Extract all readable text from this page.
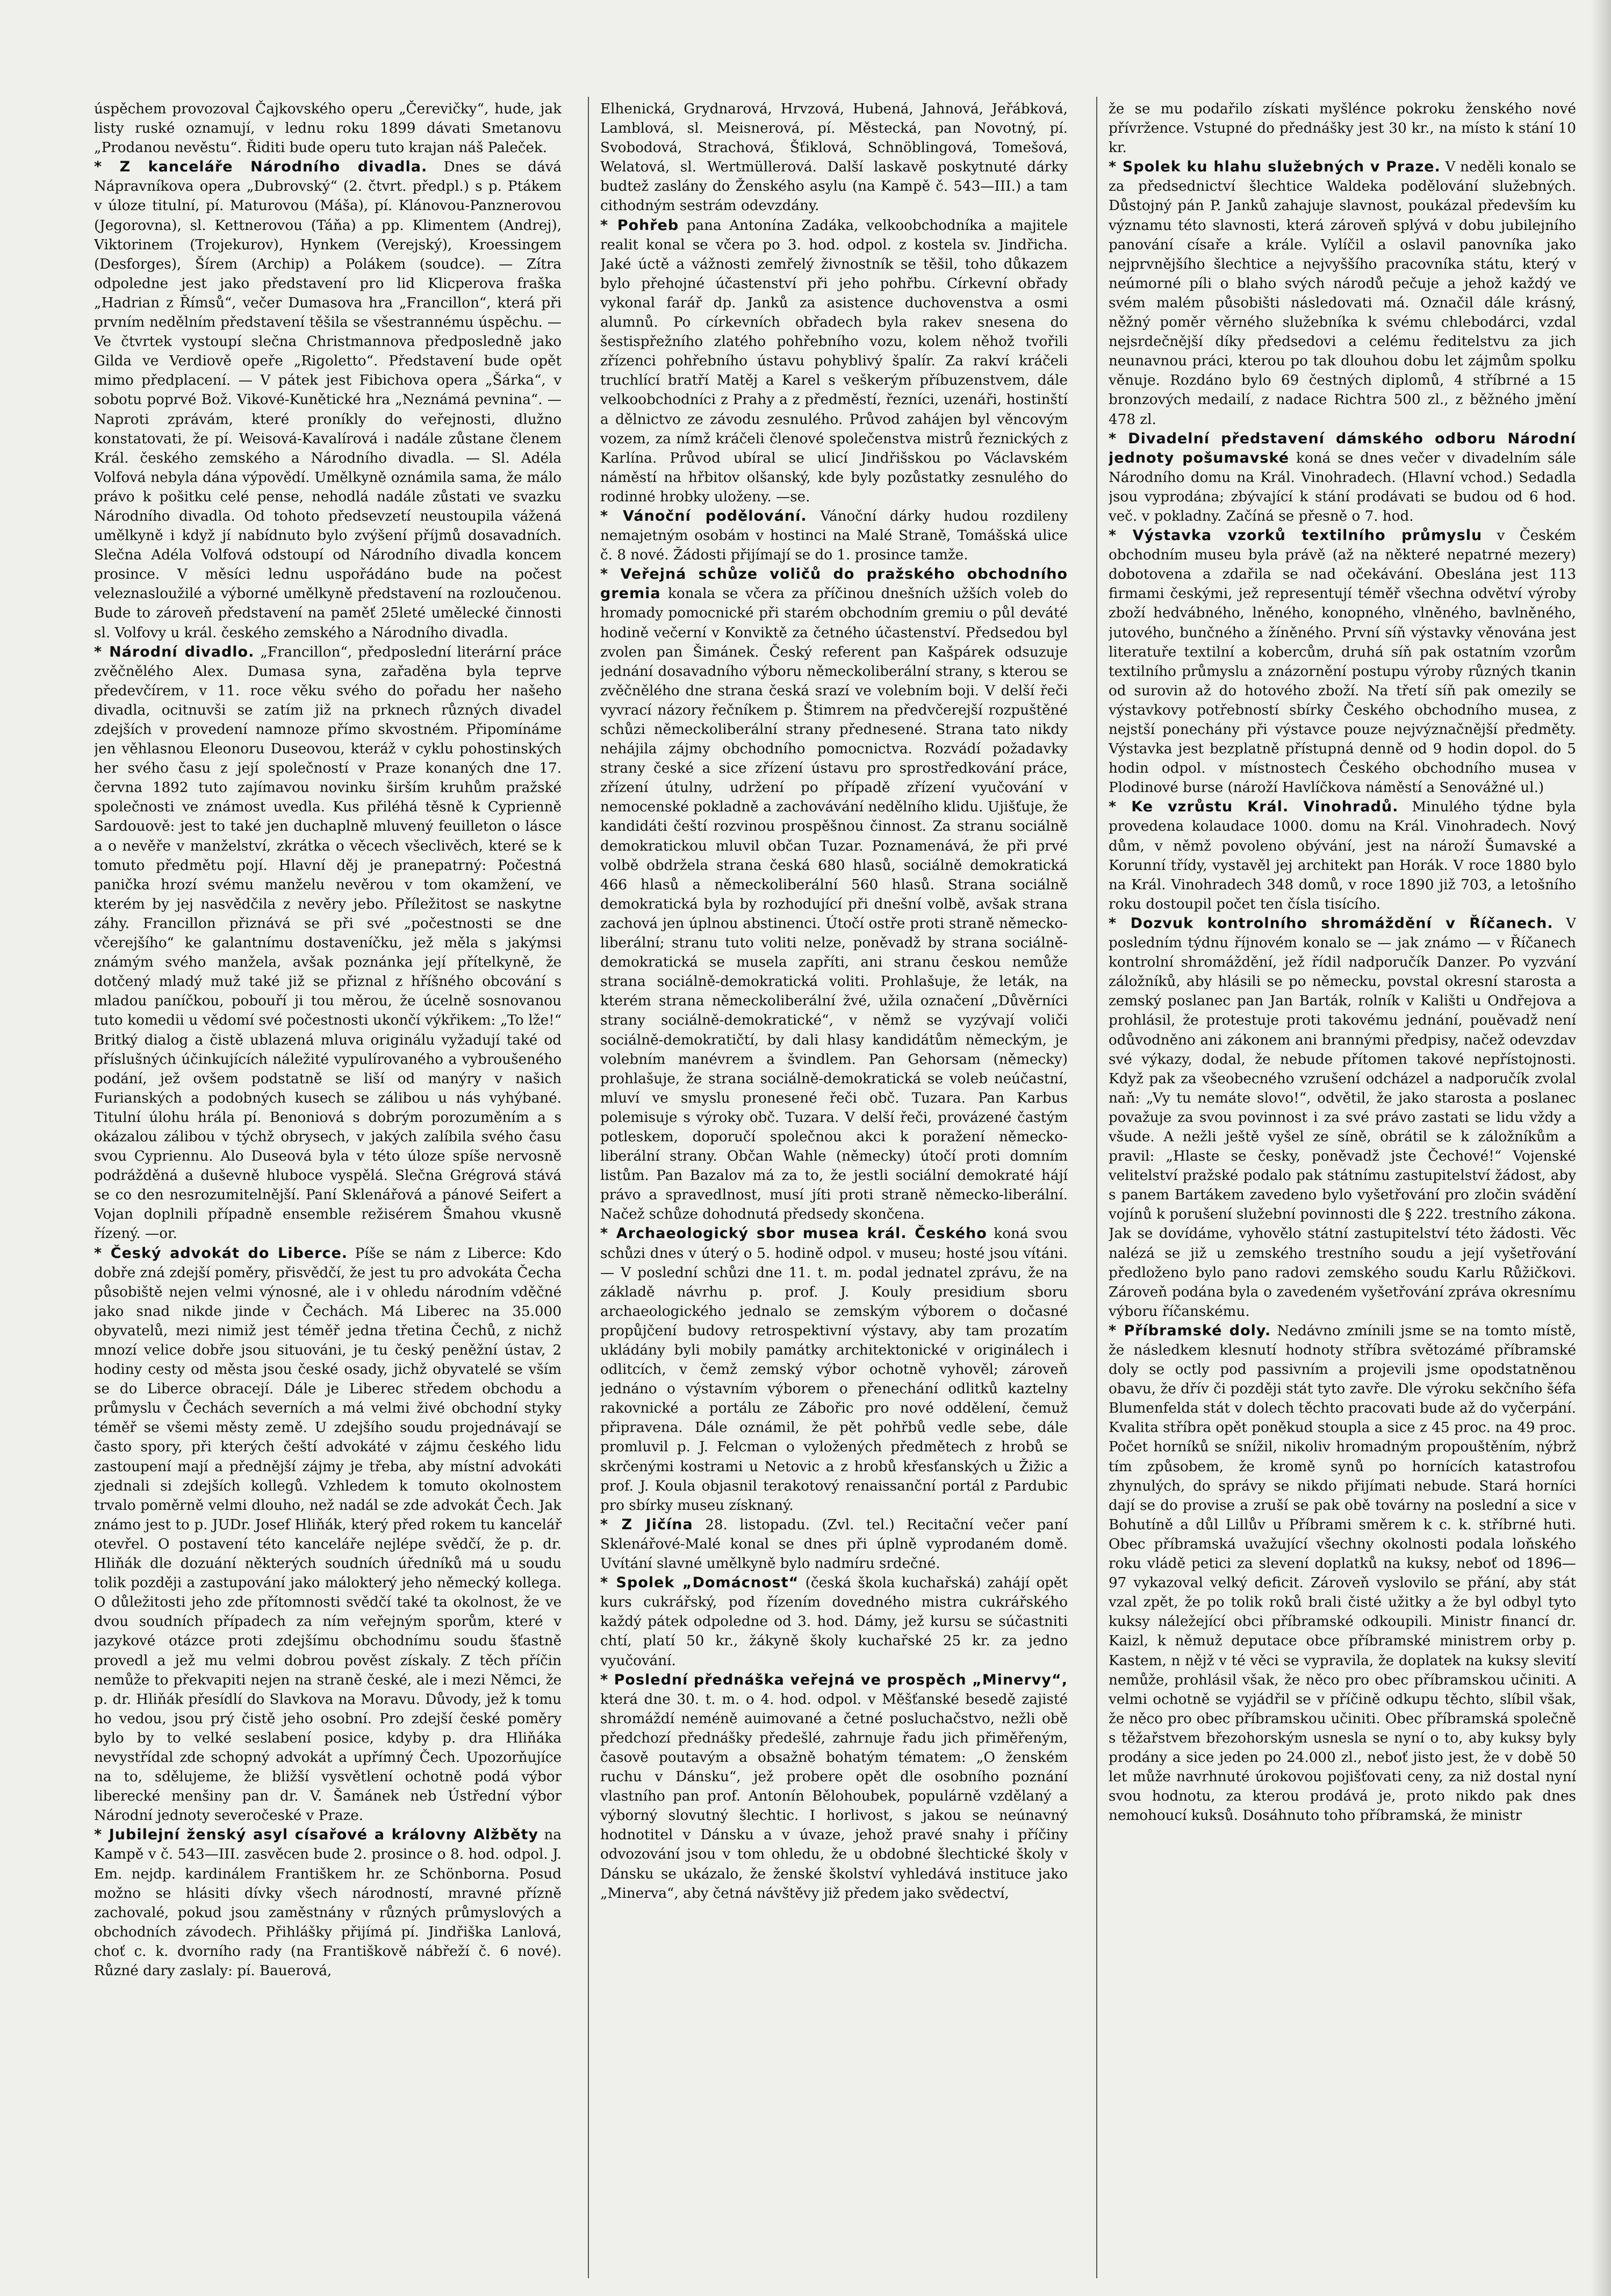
úspěchem provozoval Čajkovského operu „Čerevičky“, hude, jak listy ruské oznamují, v lednu roku 1899 dávati Smetanovu „Prodanou nevěstu“. Řiditi bude operu tuto krajan náš Paleček.

* Z kanceláře Národního divadla. Dnes se dává Nápravníkova opera „Dubrovský“ (2. čtvrt. předpl.) s p. Ptákem v úloze titulní, pí. Maturovou (Máša), pí. Klánovou-Panznerovou (Jegorovna), sl. Kettnerovou (Táňa) a pp. Klimentem (Andrej), Viktorinem (Trojekurov), Hynkem (Verejský), Kroessingem (Desforges), Šírem (Archip) a Polákem (soudce). — Zítra odpoledne jest jako představení pro lid Klicperova fraška „Hadrian z Římsů“, večer Dumasova hra „Francillon“, která při prvním nedělním představení těšila se všestrannému úspěchu. — Ve čtvrtek vystoupí slečna Christmannova předposledně jako Gilda ve Verdiově opeře „Rigoletto“. Představení bude opět mimo předplacení. — V pátek jest Fibichova opera „Šárka“, v sobotu poprvé Bož. Vikové-Kunětické hra „Neznámá pevnina“. — Naproti zprávám, které proníkly do veřejnosti, dlužno konstatovati, že pí. Weisová-Kavalírová i nadále zůstane členem Král. českého zemského a Národního divadla. — Sl. Adéla Volfová nebyla dána výpovědí. Umělkyně oznámila sama, že málo právo k pošitku celé pense, nehodlá nadále zůstati ve svazku Národního divadla. Od tohoto předsevzetí neustoupila vážená umělkyně i když jí nabídnuto bylo zvýšení příjmů dosavadních. Slečna Adéla Volfová odstoupí od Národního divadla koncem prosince. V měsíci lednu uspořádáno bude na počest veleznasloužilé a výborné umělkyně představení na rozloučenou. Bude to zároveň představení na paměť 25leté umělecké činnosti sl. Volfovy u král. českého zemského a Národního divadla.

* Národní divadlo. „Francillon“, předposlední literární práce zvěčnělého Alex. Dumasa syna, zařaděna byla teprve předevčírem, v 11. roce věku svého do pořadu her našeho divadla, ocitnuvši se zatím již na prknech různých divadel zdejších v provedení namnoze přímo skvostném. Připomínáme jen věhlasnou Eleonoru Duseovou, kteráž v cyklu pohostinských her svého času z její společností v Praze konaných dne 17. června 1892 tuto zajímavou novinku širším kruhům pražské společnosti ve známost uvedla. Kus přiléhá těsně k Cyprienně Sardouově: jest to také jen duchaplně mluvený feuilleton o lásce a o nevěře v manželství, zkrátka o věcech všeclivěch, které se k tomuto předmětu pojí. Hlavní děj je pranepatrný: Počestná panička hrozí svému manželu nevěrou v tom okamžení, ve kterém by jej nasvědčila z nevěry jebo. Příležitost se naskytne záhy. Francillon přiznává se při své „počestnosti se dne včerejšího“ ke galantnímu dostaveníčku, jež měla s jakýmsi známým svého manžela, avšak poznánka její přítelkyně, že dotčený mladý muž také již se přiznal z hříšného obcování s mladou paníčkou, pobouří ji tou měrou, že úcelně sosnovanou tuto komedii u vědomí své počestnosti ukončí výkřikem: „To lže!“ Britký dialog a čistě ublazená mluva originálu vyžadují také od příslušných účinkujících náležité vypulírovaného a vybroušeného podání, jež ovšem podstatně se liší od manýry v našich Furianských a podobných kusech se zálibou u nás vyhýbané. Titulní úlohu hrála pí. Benoniová s dobrým porozuměním a s okázalou zálibou v týchž obrysech, v jakých zalíbila svého času svou Cypriennu. Alo Duseová byla v této úloze spíše nervosně podrážděná a duševně hluboce vyspělá. Slečna Grégrová stává se co den nesrozumitelnější. Paní Sklenářová a pánové Seifert a Vojan doplnili případně ensemble režisérem Šmahou vkusně řízený. —or.

* Český advokát do Liberce. Píše se nám z Liberce: Kdo dobře zná zdejší poměry, přisvědčí, že jest tu pro advokáta Čecha působiště nejen velmi výnosné, ale i v ohledu národním vděčné jako snad nikde jinde v Čechách. Má Liberec na 35.000 obyvatelů, mezi nimiž jest téměř jedna třetina Čechů, z nichž mnozí velice dobře jsou situováni, je tu český peněžní ústav, 2 hodiny cesty od města jsou české osady, jichž obyvatelé se vším se do Liberce obracejí. Dále je Liberec středem obchodu a průmyslu v Čechách severních a má velmi živé obchodní styky téměř se všemi městy země. U zdejšího soudu projednávají se často spory, při kterých čeští advokáté v zájmu českého lidu zastoupení mají a přednější zájmy je třeba, aby místní advokáti zjednali si zdejších kollegů. Vzhledem k tomuto okolnostem trvalo poměrně velmi dlouho, než nadál se zde advokát Čech. Jak známo jest to p. JUDr. Josef Hliňák, který před rokem tu kancelář otevřel. O postavení této kanceláře nejlépe svědčí, že p. dr. Hliňák dle dozuání některých soudních úředníků má u soudu tolik později a zastupování jako málokterý jeho německý kollega. O důležitosti jeho zde přítomnosti svědčí také ta okolnost, že ve dvou soudních případech za ním veřejným sporům, které v jazykové otázce proti zdejšímu obchodnímu soudu šťastně provedl a jež mu velmi dobrou pověst získaly. Z těch příčin nemůže to překvapiti nejen na straně české, ale i mezi Němci, že p. dr. Hliňák přesídlí do Slavkova na Moravu. Důvody, jež k tomu ho vedou, jsou prý čistě jeho osobní. Pro zdejší české poměry bylo by to velké seslabení posice, kdyby p. dra Hliňáka nevystřídal zde schopný advokát a upřímný Čech. Upozorňujíce na to, sdělujeme, že bližší vysvětlení ochotně podá výbor liberecké menšiny pan dr. V. Šamánek neb Ústřední výbor Národní jednoty severočeské v Praze.

* Jubilejní ženský asyl císařové a královny Alžběty na Kampě v č. 543—III. zasvěcen bude 2. prosince o 8. hod. odpol. J. Em. nejdp. kardinálem Františkem hr. ze Schönborna. Posud možno se hlásiti dívky všech národností, mravné přízně zachovalé, pokud jsou zaměstnány v různých průmyslových a obchodních závodech. Přihlášky přijímá pí. Jindřiška Lanlová, choť c. k. dvorního rady (na Františkově nábřeží č. 6 nové). Různé dary zaslaly: pí. Bauerová,

Elhenická, Grydnarová, Hrvzová, Hubená, Jahnová, Jeřábková, Lamblová, sl. Meisnerová, pí. Městecká, pan Novotný, pí. Svobodová, Strachová, Šťiklová, Schnöblingová, Tomešová, Welatová, sl. Wertmüllerová. Další laskavě poskytnuté dárky budtež zaslány do Ženského asylu (na Kampě č. 543—III.) a tam cithodným sestrám odevzdány.

* Pohřeb pana Antonína Zadáka, velkoobchodníka a majitele realit konal se včera po 3. hod. odpol. z kostela sv. Jindřicha. Jaké úctě a vážnosti zemřelý živnostník se těšil, toho důkazem bylo přehojné účastenství při jeho pohřbu. Církevní obřady vykonal farář dp. Janků za asistence duchovenstva a osmi alumnů. Po církevních obřadech byla rakev snesena do šestispřežního zlatého pohřebního vozu, kolem něhož tvořili zřízenci pohřebního ústavu pohyblivý špalír. Za rakví kráčeli truchlící bratří Matěj a Karel s veškerým příbuzenstvem, dále velkoobchodníci z Prahy a z předměstí, řezníci, uzenáři, hostinští a dělnictvo ze závodu zesnulého. Průvod zahájen byl věncovým vozem, za nímž kráčeli členové společenstva mistrů řeznických z Karlína. Průvod ubíral se ulicí Jindřišskou po Václavském náměstí na hřbitov olšanský, kde byly pozůstatky zesnulého do rodinné hrobky uloženy. —se.

* Vánoční podělování. Vánoční dárky hudou rozdileny nemajetným osobám v hostinci na Malé Straně, Tomášská ulice č. 8 nové. Žádosti přijímají se do 1. prosince tamže.

* Veřejná schůze voličů do pražského obchodního gremia konala se včera za příčinou dnešních užších voleb do hromady pomocnické při starém obchodním gremiu o půl deváté hodině večerní v Konviktě za četného účastenství. Předsedou byl zvolen pan Šimánek. Český referent pan Kašpárek odsuzuje jednání dosavadního výboru německoliberální strany, s kterou se zvěčnělého dne strana česká srazí ve volebním boji. V delší řeči vyvrací názory řečníkem p. Štimrem na předvčerejší rozpuštěné schůzi německoliberální strany přednesené. Strana tato nikdy nehájila zájmy obchodního pomocnictva. Rozvádí požadavky strany české a sice zřízení ústavu pro sprostředkování práce, zřízení útulny, udržení po případě zřízení vyučování v nemocenské pokladně a zachovávání nedělního klidu. Ujišťuje, že kandidáti čeští rozvinou prospěšnou činnost. Za stranu sociálně demokratickou mluvil občan Tuzar. Poznamenává, že při prvé volbě obdržela strana česká 680 hlasů, sociálně demokratická 466 hlasů a německoliberální 560 hlasů. Strana sociálně demokratická byla by rozhodující při dnešní volbě, avšak strana zachová jen úplnou abstinenci. Útočí ostře proti straně německo-liberální; stranu tuto voliti nelze, poněvadž by strana sociálně-demokratická se musela zapříti, ani stranu českou nemůže strana sociálně-demokratická voliti. Prohlašuje, že leták, na kterém strana německoliberální žvé, užila označení „Důvěrníci strany sociálně-demokratické“, v němž se vyzývají voliči sociálně-demokratičtí, by dali hlasy kandidátům německým, je volebním manévrem a švindlem. Pan Gehorsam (německy) prohlašuje, že strana sociálně-demokratická se voleb neúčastní, mluví ve smyslu pronesené řeči obč. Tuzara. Pan Karbus polemisuje s výroky obč. Tuzara. V delší řeči, provázené častým potleskem, doporučí společnou akci k poražení německo-liberální strany. Občan Wahle (německy) útočí proti domním listům. Pan Bazalov má za to, že jestli sociální demokraté hájí právo a spravedlnost, musí jíti proti straně německo-liberální. Načež schůze dohodnutá předsedy skončena.

* Archaeologický sbor musea král. Českého koná svou schůzi dnes v úterý o 5. hodině odpol. v museu; hosté jsou vítáni. — V poslední schůzi dne 11. t. m. podal jednatel zprávu, že na základě návrhu p. prof. J. Kouly presidium sboru archaeologického jednalo se zemským výborem o dočasné propůjčení budovy retrospektivní výstavy, aby tam prozatím ukládány byli mobily památky architektonické v originálech i odlitcích, v čemž zemský výbor ochotně vyhověl; zároveň jednáno o výstavním výborem o přenechání odlitků kaztelny rakovnické a portálu ze Zábořic pro nové oddělení, čemuž připravena. Dále oznámil, že pět pohřbů vedle sebe, dále promluvil p. J. Felcman o vyložených předmětech z hrobů se skrčenými kostrami u Netovic a z hrobů křesťanských u Žižic a prof. J. Koula objasnil terakotový renaissanční portál z Pardubic pro sbírky museu získnaný.

* Z Jičína 28. listopadu. (Zvl. tel.) Recitační večer paní Sklenářové-Malé konal se dnes při úplně vyprodaném domě. Uvítání slavné umělkyně bylo nadmíru srdečné.

* Spolek „Domácnost“ (česká škola kuchařská) zahájí opět kurs cukrářský, pod řízením dovedného mistra cukrářského každý pátek odpoledne od 3. hod. Dámy, jež kursu se súčastniti chtí, platí 50 kr., žákyně školy kuchařské 25 kr. za jedno vyučování.

* Poslední přednáška veřejná ve prospěch „Minervy“, která dne 30. t. m. o 4. hod. odpol. v Měšťanské besedě zajisté shromáždí neméně auimované a četné posluchačstvo, nežli obě předchozí přednášky předešlé, zahrnuje řadu jich přiměřeným, časově poutavým a obsažně bohatým tématem: „O ženském ruchu v Dánsku“, jež probere opět dle osobního poznání vlastního pan prof. Antonín Bělohoubek, populárně vzdělaný a výborný slovutný šlechtic. I horlivost, s jakou se neúnavný hodnotitel v Dánsku a v úvaze, jehož pravé snahy i příčiny odvozování jsou v tom ohledu, že u obdobné šlechtické školy v Dánsku se ukázalo, že ženské školství vyhledává instituce jako „Minerva“, aby četná návštěvy již předem jako svědectví,

že se mu podařilo získati myšlénce pokroku ženského nové přívržence. Vstupné do přednášky jest 30 kr., na místo k stání 10 kr.

* Spolek ku hlahu služebných v Praze. V neděli konalo se za předsednictví šlechtice Waldeka podělování služebných. Důstojný pán P. Janků zahajuje slavnost, poukázal především ku významu této slavnosti, která zároveň splývá v dobu jubilejního panování císaře a krále. Vylíčil a oslavil panovníka jako nejprvnějšího šlechtice a nejvyššího pracovníka státu, který v neúmorné píli o blaho svých národů pečuje a jehož každý ve svém malém působišti následovati má. Označil dále krásný, něžný poměr věrného služebníka k svému chlebodárci, vzdal nejsrdečnější díky předsedovi a celému ředitelstvu za jich neunavnou práci, kterou po tak dlouhou dobu let zájmům spolku věnuje. Rozdáno bylo 69 čestných diplomů, 4 stříbrné a 15 bronzových medailí, z nadace Richtra 500 zl., z běžného jmění 478 zl.

* Divadelní představení dámského odboru Národní jednoty pošumavské koná se dnes večer v divadelním sále Národního domu na Král. Vinohradech. (Hlavní vchod.) Sedadla jsou vyprodána; zbývající k stání prodávati se budou od 6 hod. več. v pokladny. Začíná se přesně o 7. hod.

* Výstavka vzorků textilního průmyslu v Českém obchodním museu byla právě (až na některé nepatrné mezery) dobotovena a zdařila se nad očekávání. Obeslána jest 113 firmami českými, jež representují téměř všechna odvětví výroby zboží hedvábného, lněného, konopného, vlněného, bavlněného, jutového, bunčného a žíněného. První síň výstavky věnována jest literatuře textilní a kobercům, druhá síň pak ostatním vzorům textilního průmyslu a znázornění postupu výroby různých tkanin od surovin až do hotového zboží. Na třetí síň pak omezily se výstavkovy potřebností sbírky Českého obchodního musea, z nejstší ponechány při výstavce pouze nejvýznačnější předměty. Výstavka jest bezplatně přístupná denně od 9 hodin dopol. do 5 hodin odpol. v místnostech Českého obchodního musea v Plodinové burse (nároží Havlíčkova náměstí a Senovážné ul.)

* Ke vzrůstu Král. Vinohradů. Minulého týdne byla provedena kolaudace 1000. domu na Král. Vinohradech. Nový dům, v němž povoleno obývání, jest na nároží Šumavské a Korunní třídy, vystavěl jej architekt pan Horák. V roce 1880 bylo na Král. Vinohradech 348 domů, v roce 1890 již 703, a letošního roku dostoupil počet ten čísla tisícího.

* Dozvuk kontrolního shromáždění v Říčanech. V posledním týdnu říjnovém konalo se — jak známo — v Říčanech kontrolní shromáždění, jež řídil nadporučík Danzer. Po vyzvání záložníků, aby hlásili se po německu, povstal okresní starosta a zemský poslanec pan Jan Barták, rolník v Kališti u Ondřejova a prohlásil, že protestuje proti takovému jednání, pouěvadž není odůvodněno ani zákonem ani brannými předpisy, načež odevzdav své výkazy, dodal, že nebude přítomen takové nepřístojnosti. Když pak za všeobecného vzrušení odcházel a nadporučík zvolal naň: „Vy tu nemáte slovo!“, odvětil, že jako starosta a poslanec považuje za svou povinnost i za své právo zastati se lidu vždy a všude. A nežli ještě vyšel ze síně, obrátil se k záložníkům a pravil: „Hlaste se česky, poněvadž jste Čechové!“ Vojenské velitelství pražské podalo pak státnímu zastupitelství žádost, aby s panem Bartákem zavedeno bylo vyšetřování pro zločin svádění vojínů k porušení služební povinnosti dle § 222. trestního zákona. Jak se dovídáme, vyhovělo státní zastupitelství této žádosti. Věc nalézá se již u zemského trestního soudu a její vyšetřování předloženo bylo pano radovi zemského soudu Karlu Růžičkovi. Zároveň podána byla o zavedeném vyšetřování zpráva okresnímu výboru říčanskému.

* Příbramské doly. Nedávno zmínili jsme se na tomto místě, že následkem klesnutí hodnoty stříbra světozámé příbramské doly se octly pod passivním a projevili jsme opodstatněnou obavu, že dřív či později stát tyto zavře. Dle výroku sekčního šéfa Blumenfelda stát v dolech těchto pracovati bude až do vyčerpání. Kvalita stříbra opět poněkud stoupla a sice z 45 proc. na 49 proc. Počet horníků se snížil, nikoliv hromadným propouštěním, nýbrž tím způsobem, že kromě synů po hornících katastrofou zhynulých, do správy se nikdo přijímati nebude. Stará horníci dají se do provise a zruší se pak obě továrny na poslední a sice v Bohutíně a důl Lillův u Příbrami směrem k c. k. stříbrné huti. Obec příbramská uvažující všechny okolnosti podala loňského roku vládě petici za slevení doplatků na kuksy, neboť od 1896—97 vykazoval velký deficit. Zároveň vyslovilo se přání, aby stát vzal zpět, že po tolik roků brali čisté užitky a že byl odbyl tyto kuksy náležející obci příbramské odkoupili. Ministr financí dr. Kaizl, k němuž deputace obce příbramské ministrem orby p. Kastem, n nějž v té věci se vypravila, že doplatek na kuksy slevití nemůže, prohlásil však, že něco pro obec příbramskou učiniti. A velmi ochotně se vyjádřil se v příčině odkupu těchto, slíbil však, že něco pro obec příbramskou učiniti. Obec příbramská společně s těžařstvem březohorským usnesla se nyní o to, aby kuksy byly prodány a sice jeden po 24.000 zl., neboť jisto jest, že v době 50 let může navrhnuté úrokovou pojišťovati ceny, za niž dostal nyní svou hodnotu, za kterou prodává je, proto nikdo pak dnes nemohoucí kuksů. Dosáhnuto toho příbramská, že ministr
